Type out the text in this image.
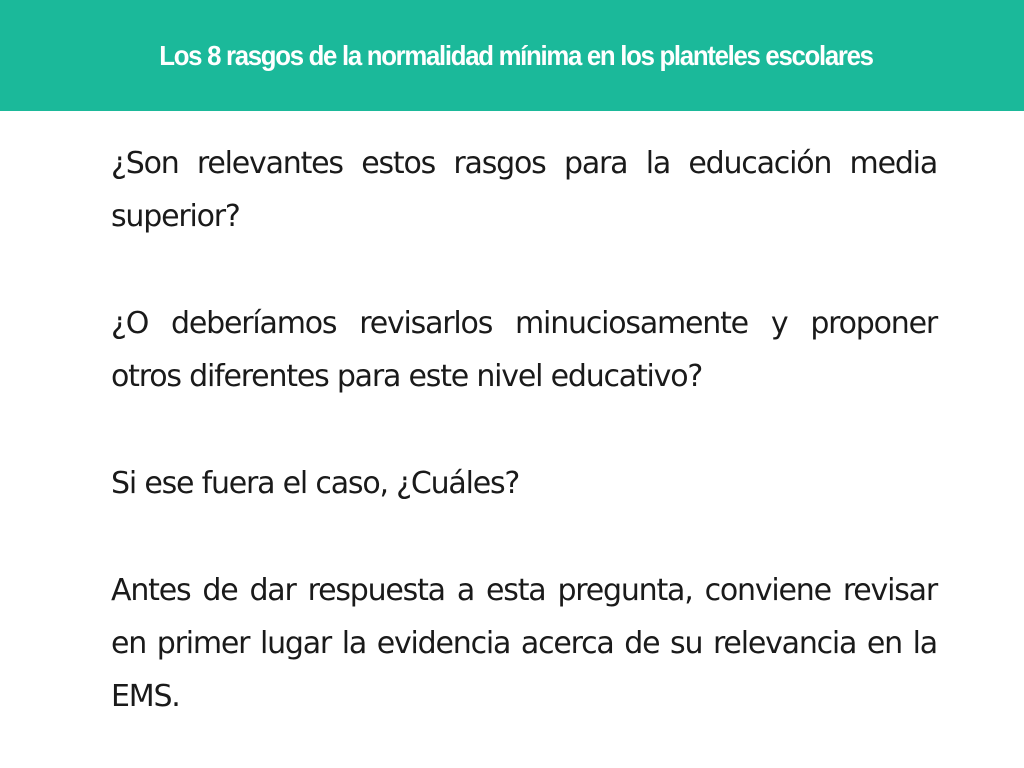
Los 8 rasgos de la normalidad mínima en los planteles escolares

¿Son relevantes estos rasgos para la educación media superior?

¿O deberíamos revisarlos minuciosamente y proponer otros diferentes para este nivel educativo?

Si ese fuera el caso, ¿Cuáles?

Antes de dar respuesta a esta pregunta, conviene revisar en primer lugar la evidencia acerca de su relevancia en la EMS.
